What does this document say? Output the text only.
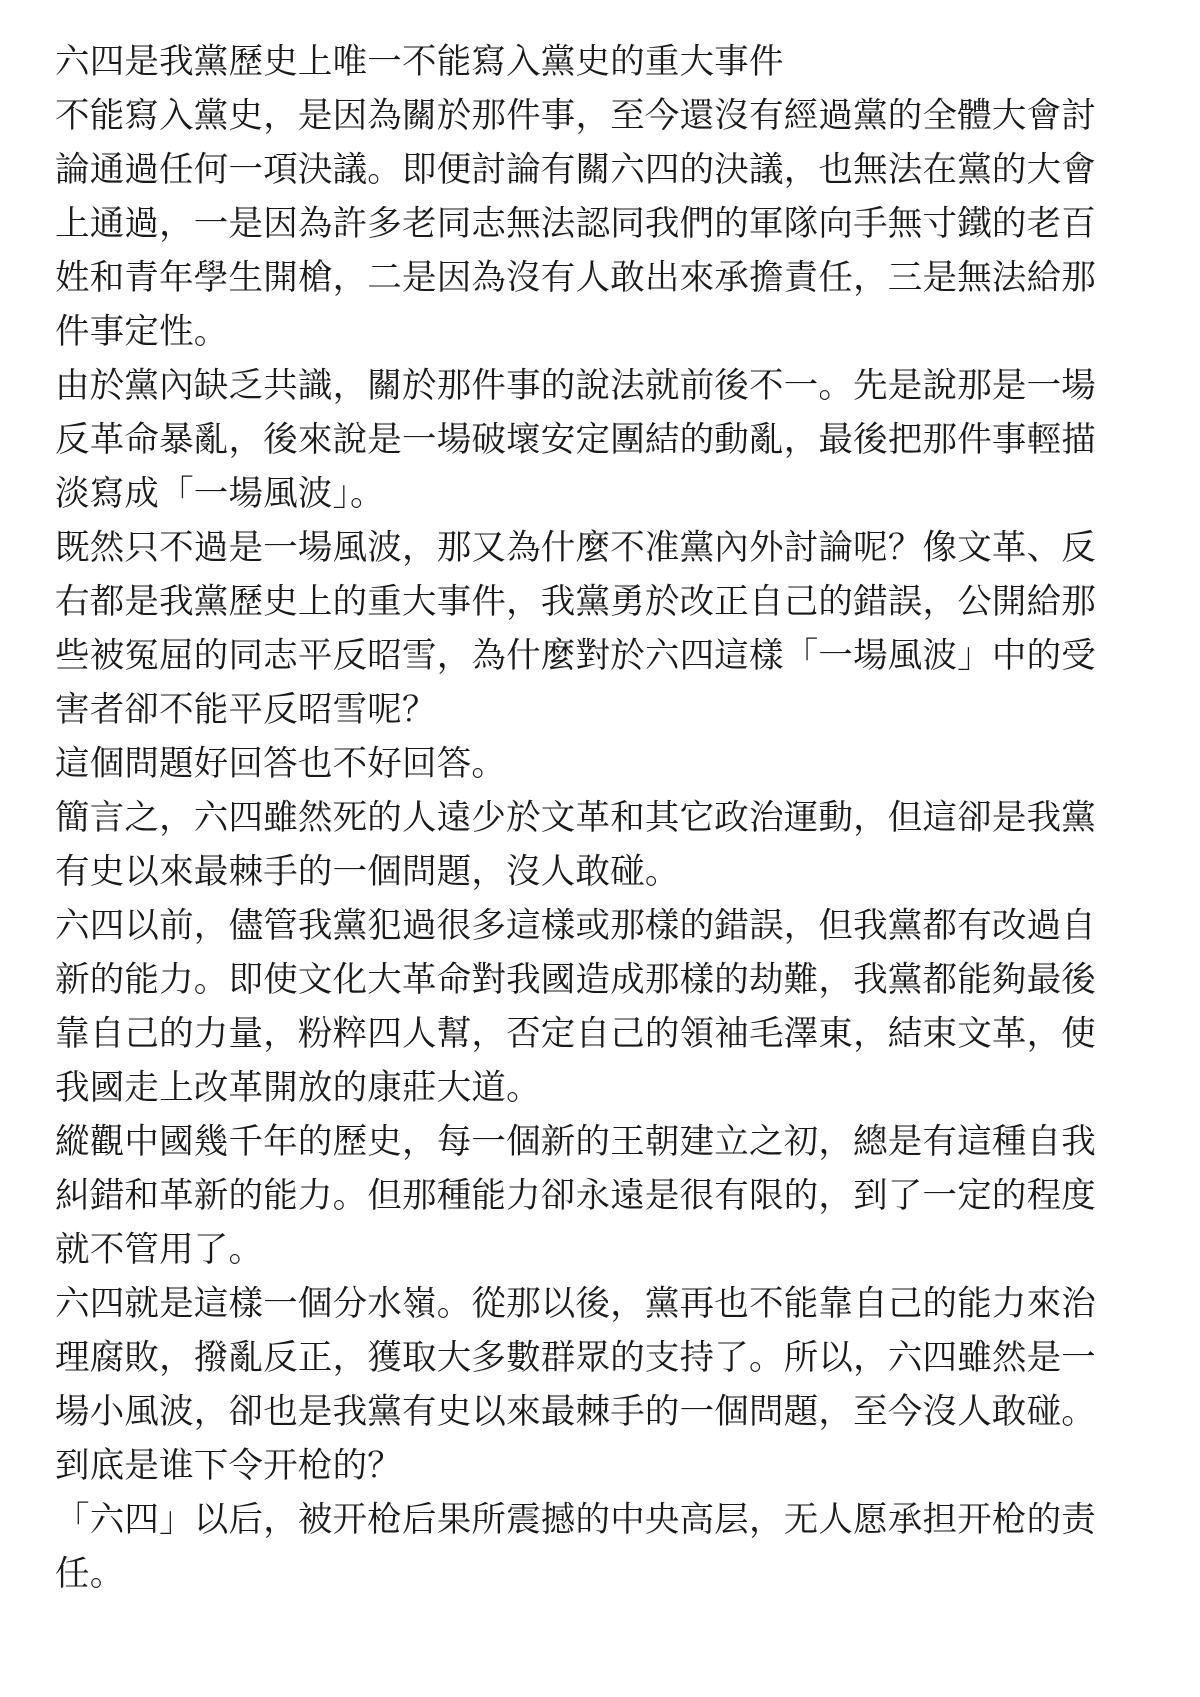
六四是我黨歷史上唯一不能寫入黨史的重大事件

不能寫入黨史，是因為關於那件事，至今還沒有經過黨的全體大會討論通過任何一項決議。即便討論有關六四的決議，也無法在黨的大會上通過，一是因為許多老同志無法認同我們的軍隊向手無寸鐵的老百姓和青年學生開槍，二是因為沒有人敢出來承擔責任，三是無法給那件事定性。

由於黨內缺乏共識，關於那件事的說法就前後不一。先是說那是一場反革命暴亂，後來說是一場破壞安定團結的動亂，最後把那件事輕描淡寫成「一場風波」。

既然只不過是一場風波，那又為什麼不准黨內外討論呢？像文革、反右都是我黨歷史上的重大事件，我黨勇於改正自己的錯誤，公開給那些被冤屈的同志平反昭雪，為什麼對於六四這樣「一場風波」中的受害者卻不能平反昭雪呢？

這個問題好回答也不好回答。

簡言之，六四雖然死的人遠少於文革和其它政治運動，但這卻是我黨有史以來最棘手的一個問題，沒人敢碰。

六四以前，儘管我黨犯過很多這樣或那樣的錯誤，但我黨都有改過自新的能力。即使文化大革命對我國造成那樣的劫難，我黨都能夠最後靠自己的力量，粉粹四人幫，否定自己的領袖毛澤東，結束文革，使我國走上改革開放的康莊大道。

縱觀中國幾千年的歷史，每一個新的王朝建立之初，總是有這種自我糾錯和革新的能力。但那種能力卻永遠是很有限的，到了一定的程度就不管用了。

六四就是這樣一個分水嶺。從那以後，黨再也不能靠自己的能力來治理腐敗，撥亂反正，獲取大多數群眾的支持了。所以，六四雖然是一場小風波，卻也是我黨有史以來最棘手的一個問題，至今沒人敢碰。

到底是谁下令开枪的？

「六四」以后，被开枪后果所震撼的中央高层，无人愿承担开枪的责任。
